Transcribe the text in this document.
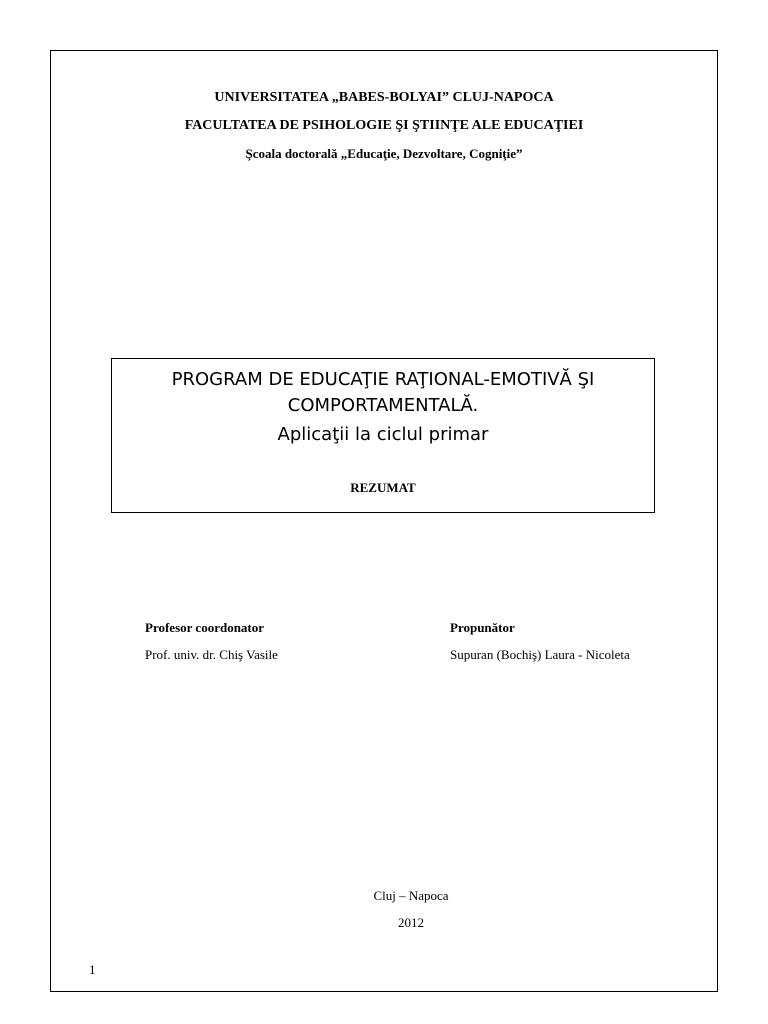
UNIVERSITATEA „BABES-BOLYAI” CLUJ-NAPOCA
FACULTATEA DE PSIHOLOGIE ŞI ŞTIINŢE ALE EDUCAŢIEI
Şcoala doctorală „Educaţie, Dezvoltare, Cogniţie”
PROGRAM DE EDUCAŢIE RAŢIONAL-EMOTIVĂ ŞI
COMPORTAMENTALĂ.
Aplicaţii la ciclul primar
REZUMAT
Profesor coordonator
Prof. univ. dr. Chiş Vasile
Propunător
Supuran (Bochiş) Laura - Nicoleta
Cluj – Napoca
2012
1
